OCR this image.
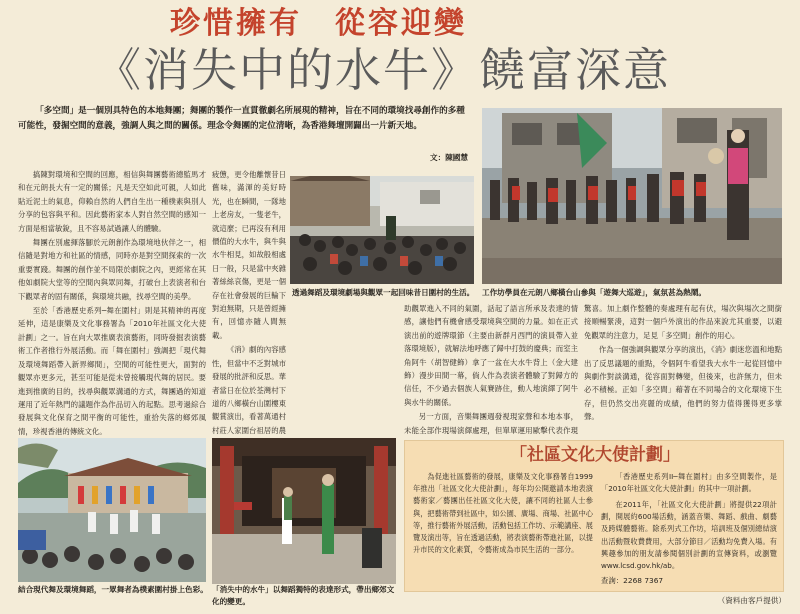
珍惜擁有　從容迎變
《消失中的水牛》饒富深意
「多空間」是一個別具特色的本地舞團；舞團的製作一直貫徹劇名所展現的精神，旨在不同的環境找尋創作的多種可能性，發掘空間的意義，強調人與之間的關係。理念令舞團的定位清晰，為香港舞壇開闢出一片新天地。
文：陳國慧
透過舞蹈及環境劇場與觀眾一起回味昔日圍村的生活。 工作坊學員在元朗八鄉橫台山參與「遊舞大巡遊」，氣氛甚為熱鬧。

搞陳對環境和空間的回應，相信與舞團藝術總監馬才和在元朗長大有一定的關係；凡是天空如此可親，人如此貼近泥土的氣息，仰賴自然的人們自生出一種樸素與別人分享的包容與平和。因此藝術家本人對自然空間的感知一方面是相當敏銳，且不容易試過讓人的體驗。

舞團在別處揮落腳於元朗創作為環境地伙伴之一，相信隨是對地方和社區的情感，同時亦是對空間探索的一次重要實踐。舞團的創作並不局限於劇院之內，更經常在其他如劇院大堂等的空間內與眾同舞，打破台上表演者和台下觀眾者的固有關係，與環境共融，找尋空間的美學。

至於「香港歷史系列─舞在圍村」則是其精神的再度延伸，這是康樂及文化事務署為「2010年社區文化大使計劃」之一。旨在向大眾推廣表演藝術，同時發掘表演藝術工作者推行外展活動。而「舞在圍村」強調把「現代舞及環境舞蹈帶入新界鄉間」，空間的可能性更大，面對的觀眾亦更多元，甚至可能是從未曾接觸現代舞的居民。要進到推廣的目的，找尋與觀眾溝通的方式，舞團過的知道運用了近年熱門的議題作為作品切入的起點。思考過綜合發展與文化保育之間平衡的可能性，重拾失落的鄉郊風情，珍視香港的傳統文化。

疲憊，更令他離懷昔日舊味，滿渾的美好時光，也在瞬間，一隊地上老房友，一隻老牛，就這麼；已再沒有利用價值的大水牛，與牛與水牛相見，如故般相處日一般，只是當中夾雜著絲絲哀傷，更是一個存在社會發展的巨輪下對迫無期，只是曾經擁有，回憶亦隨人間無載。

《消》劇的內容感性，但當中不乏對城市發展的批評和反思。華者當日在位於荃灣村下道的八鄉橫台山圍樓東觀賞演出，看著萬通村村莊人家圍台祖居的農

助觀眾進入不同的氣圍，話起了語言所承及表達的情感，讓他們有機會感受環境與空間的力量。如在正式演出前的遊牌環節（主要由新群月西門的演員帶入並落環境版），就解法地呼應了歸中打鼓的慶典；而室主角阿牛（胡智健飾）拿了一盆在大水牛背上（金大建飾）漫步田間一幕，倘人作為表演者體驗了對歸方的信任，不少過去個族人氣賽跡住，動人地演繹了阿牛與水牛的關係。

另一方面，音樂舞團週發視現家聲和本地本事，未能全部作現場演繹處理，但單單運用歐擊代表作現

驚喜。加上劇作整體的奏處理有起有伏，場次與場次之間銜接順暢緊湊，這對一個戶外演出的作品來說尤其重要，以避免觀眾的注意力，足見「多空間」創作的用心。

作為一個強調與觀眾分享的演出，《消》劇迷您溫和地點出了反思議題的重點，令個阿牛看望我大水牛一起從回憶中與劇作對談溝通，從容面對轉變，但後來，也許無力，但未必不積極。正如「多空間」藉著在不同場合的文化環境下生存，但仍然交出亮麗的成績，他們的努力值得獲得更多掌聲。

結合現代舞及環境舞蹈，一眾舞者為樸素圍村掛上色彩。 「消失中的水牛」以舞蹈獨特的表達形式，帶出鄉郊文化的變更。
「社區文化大使計劃」
為促進社區藝術的發展，康樂及文化事務署自1999年推出「社區文化大使計劃」，每年均公開邀請本地表演藝術家／藝團出任社區文化大使，讓不同的社區人士參與，把藝術帶到社區中，如公園、廣場、商場、社區中心等，推行藝術外展活動，活動包括工作坊、示範講座、展覽及演出等，旨在透過活動，將表演藝術帶進社區，以提升市民的文化素質，令藝術成為市民生活的一部分。
「香港歷史系列II─舞在圍村」由多空間製作，是「2010年社區文化大使計劃」的其中一項計劃。
在2011年，「社區文化大使計劃」將提供22項計劃，開展約600場活動，涵蓋音樂、舞蹈、戲曲、劇藝及跨媒體藝術。除系列式工作坊，培訓班及個別總結演出活動暨收費費用，大部分節目／活動均免費入場。有興趣參加的朋友請參閱個別計劃的宣傳資料，或瀏覽 www.lcsd.gov.hk/ab。
查詢：2268 7367
（資料由客戶提供）
